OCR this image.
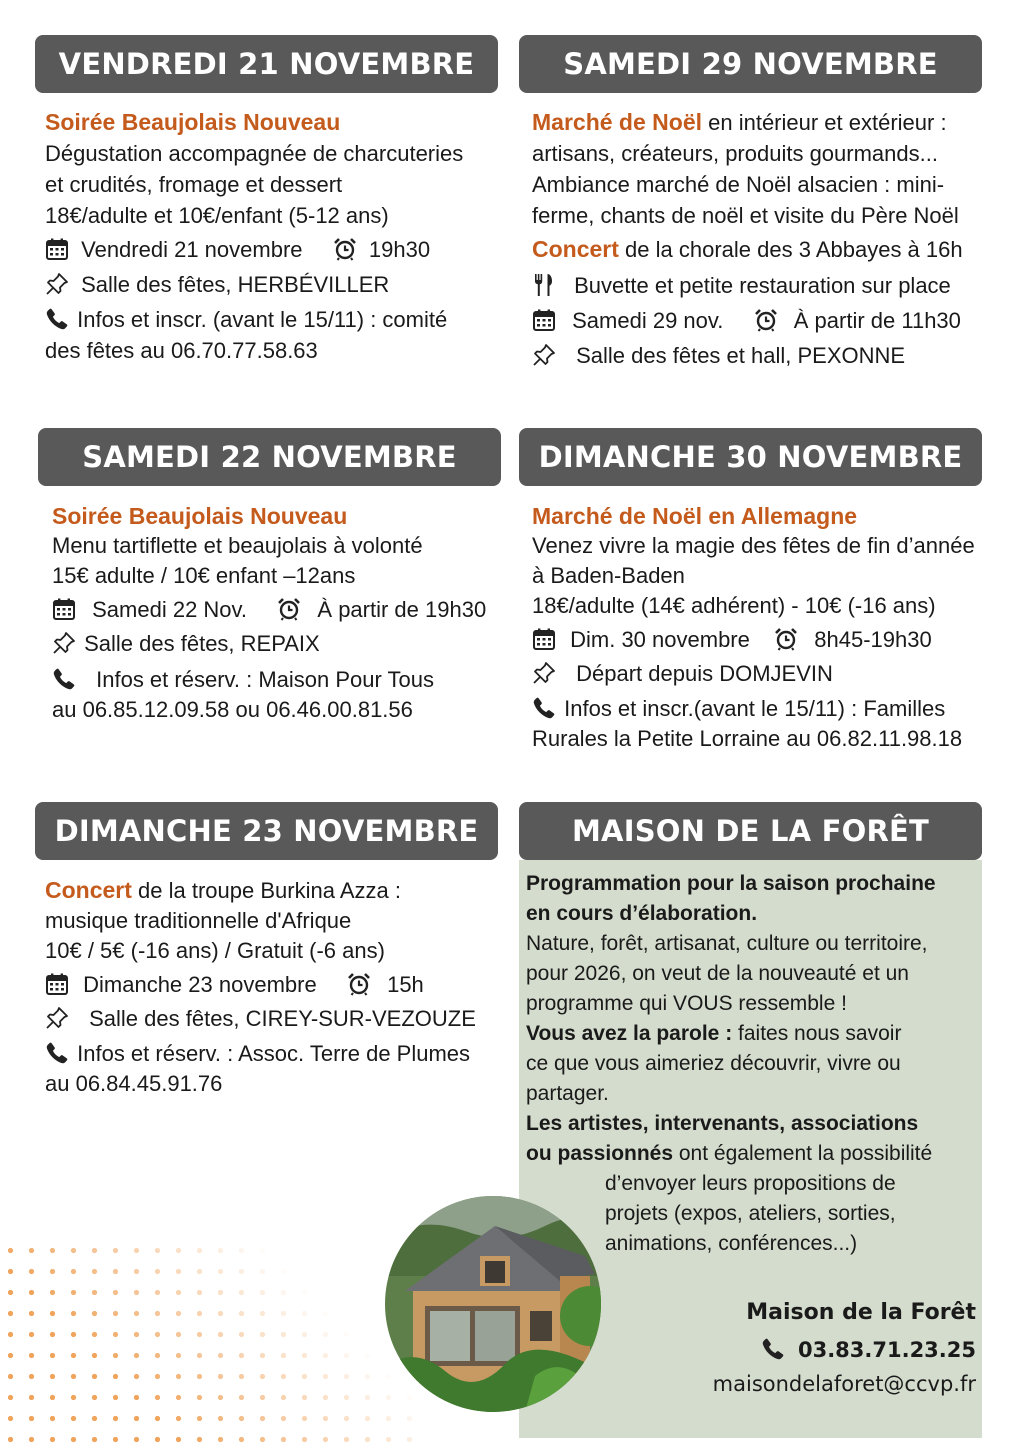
VENDREDI 21 NOVEMBRE
Soirée Beaujolais Nouveau
Dégustation accompagnée de charcuteries
et crudités, fromage et dessert
18€/adulte et 10€/enfant (5-12 ans)
Vendredi 21 novembre	19h30
Salle des fêtes, HERBÉVILLER
Infos et inscr. (avant le 15/11) : comité
des fêtes au 06.70.77.58.63
SAMEDI 29 NOVEMBRE
Marché de Noël en intérieur et extérieur :
artisans, créateurs, produits gourmands...
Ambiance marché de Noël alsacien : mini-
ferme, chants de noël et visite du Père Noël
Concert de la chorale des 3 Abbayes à 16h
Buvette et petite restauration sur place
Samedi 29 nov.	À partir de 11h30
Salle des fêtes et hall, PEXONNE
SAMEDI 22 NOVEMBRE
Soirée Beaujolais Nouveau
Menu tartiflette et beaujolais à volonté
15€ adulte / 10€ enfant –12ans
Samedi 22 Nov.	À partir de 19h30
Salle des fêtes, REPAIX
Infos et réserv. : Maison Pour Tous
au 06.85.12.09.58 ou 06.46.00.81.56
DIMANCHE 30 NOVEMBRE
Marché de Noël en Allemagne
Venez vivre la magie des fêtes de fin d’année
à Baden-Baden
18€/adulte (14€ adhérent) - 10€ (-16 ans)
Dim. 30 novembre	8h45-19h30
Départ depuis DOMJEVIN
Infos et inscr.(avant le 15/11) : Familles
Rurales la Petite Lorraine au 06.82.11.98.18
DIMANCHE 23 NOVEMBRE
Concert de la troupe Burkina Azza :
musique traditionnelle d'Afrique
10€ / 5€ (-16 ans) / Gratuit (-6 ans)
Dimanche 23 novembre	15h
Salle des fêtes, CIREY-SUR-VEZOUZE
Infos et réserv. : Assoc. Terre de Plumes
au 06.84.45.91.76
MAISON DE LA FORÊT
Programmation pour la saison prochaine
en cours d’élaboration.
Nature, forêt, artisanat, culture ou territoire,
pour 2026, on veut de la nouveauté et un
programme qui VOUS ressemble !
Vous avez la parole : faites nous savoir
ce que vous aimeriez découvrir, vivre ou
partager.
Les artistes, intervenants, associations
ou passionnés ont également la possibilité
d’envoyer leurs propositions de
projets (expos, ateliers, sorties,
animations, conférences...)
Maison de la Forêt
03.83.71.23.25
maisondelaforet@ccvp.fr
